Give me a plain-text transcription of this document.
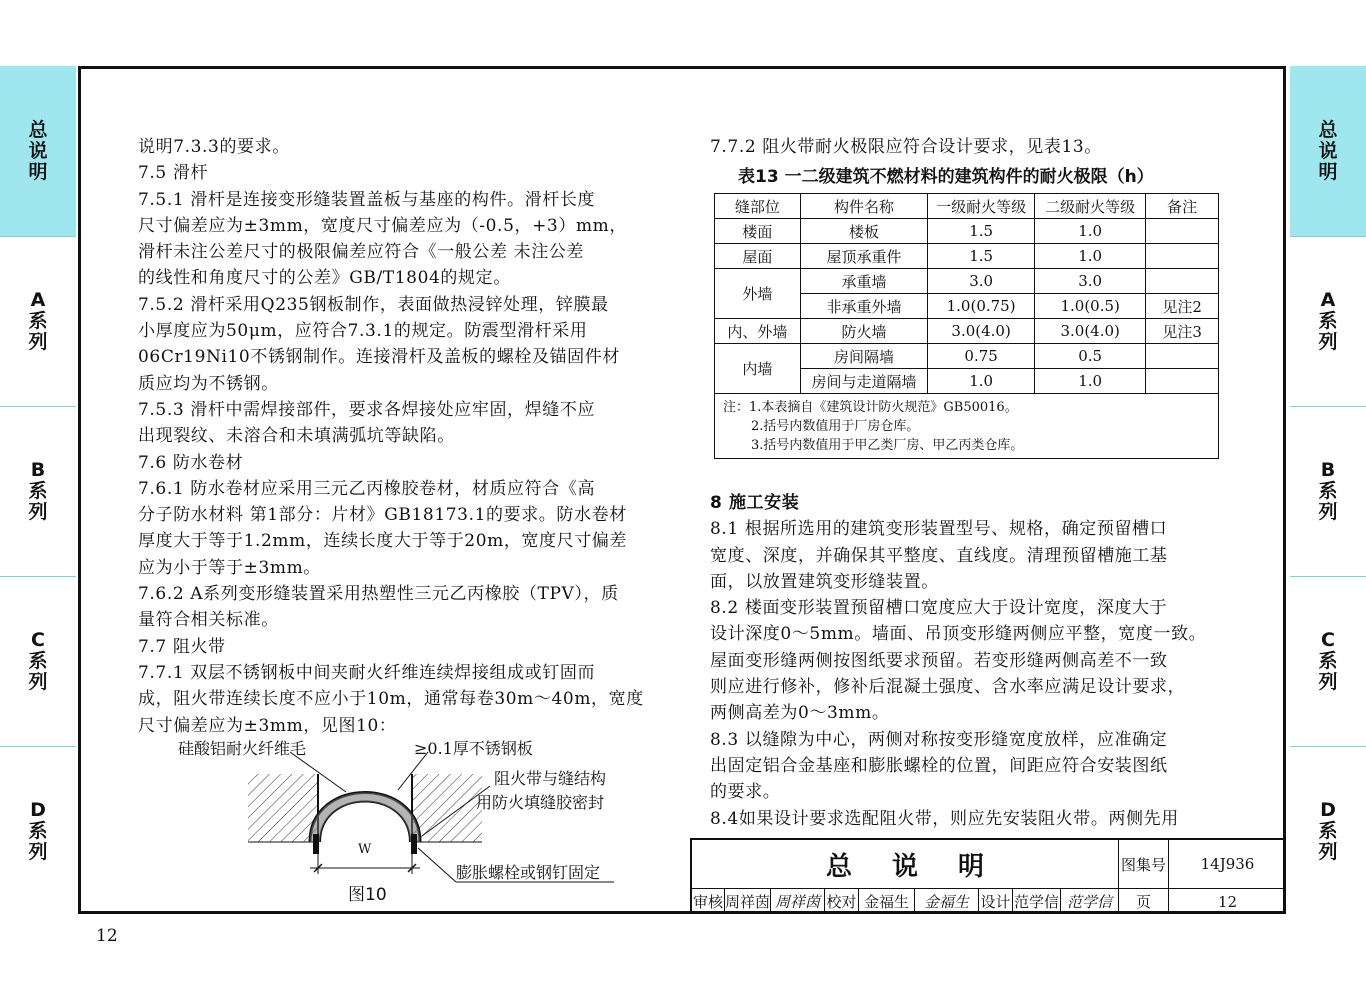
总
说
明
A
系
列
B
系
列
C
系
列
D
系
列
总
说
明
A
系
列
B
系
列
C
系
列
D
系
列

说明7.3.3的要求。

7.5 滑杆

7.5.1 滑杆是连接变形缝装置盖板与基座的构件。滑杆长度

尺寸偏差应为±3mm，宽度尺寸偏差应为（-0.5，+3）mm，

滑杆未注公差尺寸的极限偏差应符合《一般公差 未注公差

的线性和角度尺寸的公差》GB/T1804的规定。

7.5.2 滑杆采用Q235钢板制作，表面做热浸锌处理，锌膜最

小厚度应为50μm，应符合7.3.1的规定。防震型滑杆采用

06Cr19Ni10不锈钢制作。连接滑杆及盖板的螺栓及锚固件材

质应均为不锈钢。

7.5.3 滑杆中需焊接部件，要求各焊接处应牢固，焊缝不应

出现裂纹、未溶合和未填满弧坑等缺陷。

7.6 防水卷材

7.6.1 防水卷材应采用三元乙丙橡胶卷材，材质应符合《高

分子防水材料 第1部分：片材》GB18173.1的要求。防水卷材

厚度大于等于1.2mm，连续长度大于等于20m，宽度尺寸偏差

应为小于等于±3mm。

7.6.2 A系列变形缝装置采用热塑性三元乙丙橡胶（TPV），质

量符合相关标准。

7.7 阻火带

7.7.1 双层不锈钢板中间夹耐火纤维连续焊接组成或钉固而

成，阻火带连续长度不应小于10m，通常每卷30m～40m，宽度

尺寸偏差应为±3mm，见图10：

硅酸铝耐火纤维毛	≥0.1厚不锈钢板
阻火带与缝结构
用防火填缝胶密封
W
膨胀螺栓或钢钉固定
图10

7.7.2 阻火带耐火极限应符合设计要求，见表13。

表13 一二级建筑不燃材料的建筑构件的耐火极限（h）
缝部位	构件名称	一级耐火等级	二级耐火等级	备注
楼面	楼板	1.5	1.0	
屋面	屋顶承重件	1.5	1.0	
外墙	承重墙	3.0	3.0	
	非承重外墙	1.0(0.75)	1.0(0.5)	见注2
内、外墙	防火墙	3.0(4.0)	3.0(4.0)	见注3
内墙	房间隔墙	0.75	0.5	
	房间与走道隔墙	1.0	1.0	

注：1.本表摘自《建筑设计防火规范》GB50016。
2.括号内数值用于厂房仓库。
3.括号内数值用于甲乙类厂房、甲乙丙类仓库。				

8 施工安装

8.1 根据所选用的建筑变形装置型号、规格，确定预留槽口

宽度、深度，并确保其平整度、直线度。清理预留槽施工基

面，以放置建筑变形缝装置。

8.2 楼面变形装置预留槽口宽度应大于设计宽度，深度大于

设计深度0～5mm。墙面、吊顶变形缝两侧应平整，宽度一致。

屋面变形缝两侧按图纸要求预留。若变形缝两侧高差不一致

则应进行修补，修补后混凝土强度、含水率应满足设计要求，

两侧高差为0～3mm。

8.3 以缝隙为中心，两侧对称按变形缝宽度放样，应准确定

出固定铝合金基座和膨胀螺栓的位置，间距应符合安装图纸

的要求。

8.4如果设计要求选配阻火带，则应先安装阻火带。两侧先用

总说明	图集号	14J936
审核 周祥茵 周祥茵 校对 金福生 金福生 设计 范学信 范学信	页	12
12
